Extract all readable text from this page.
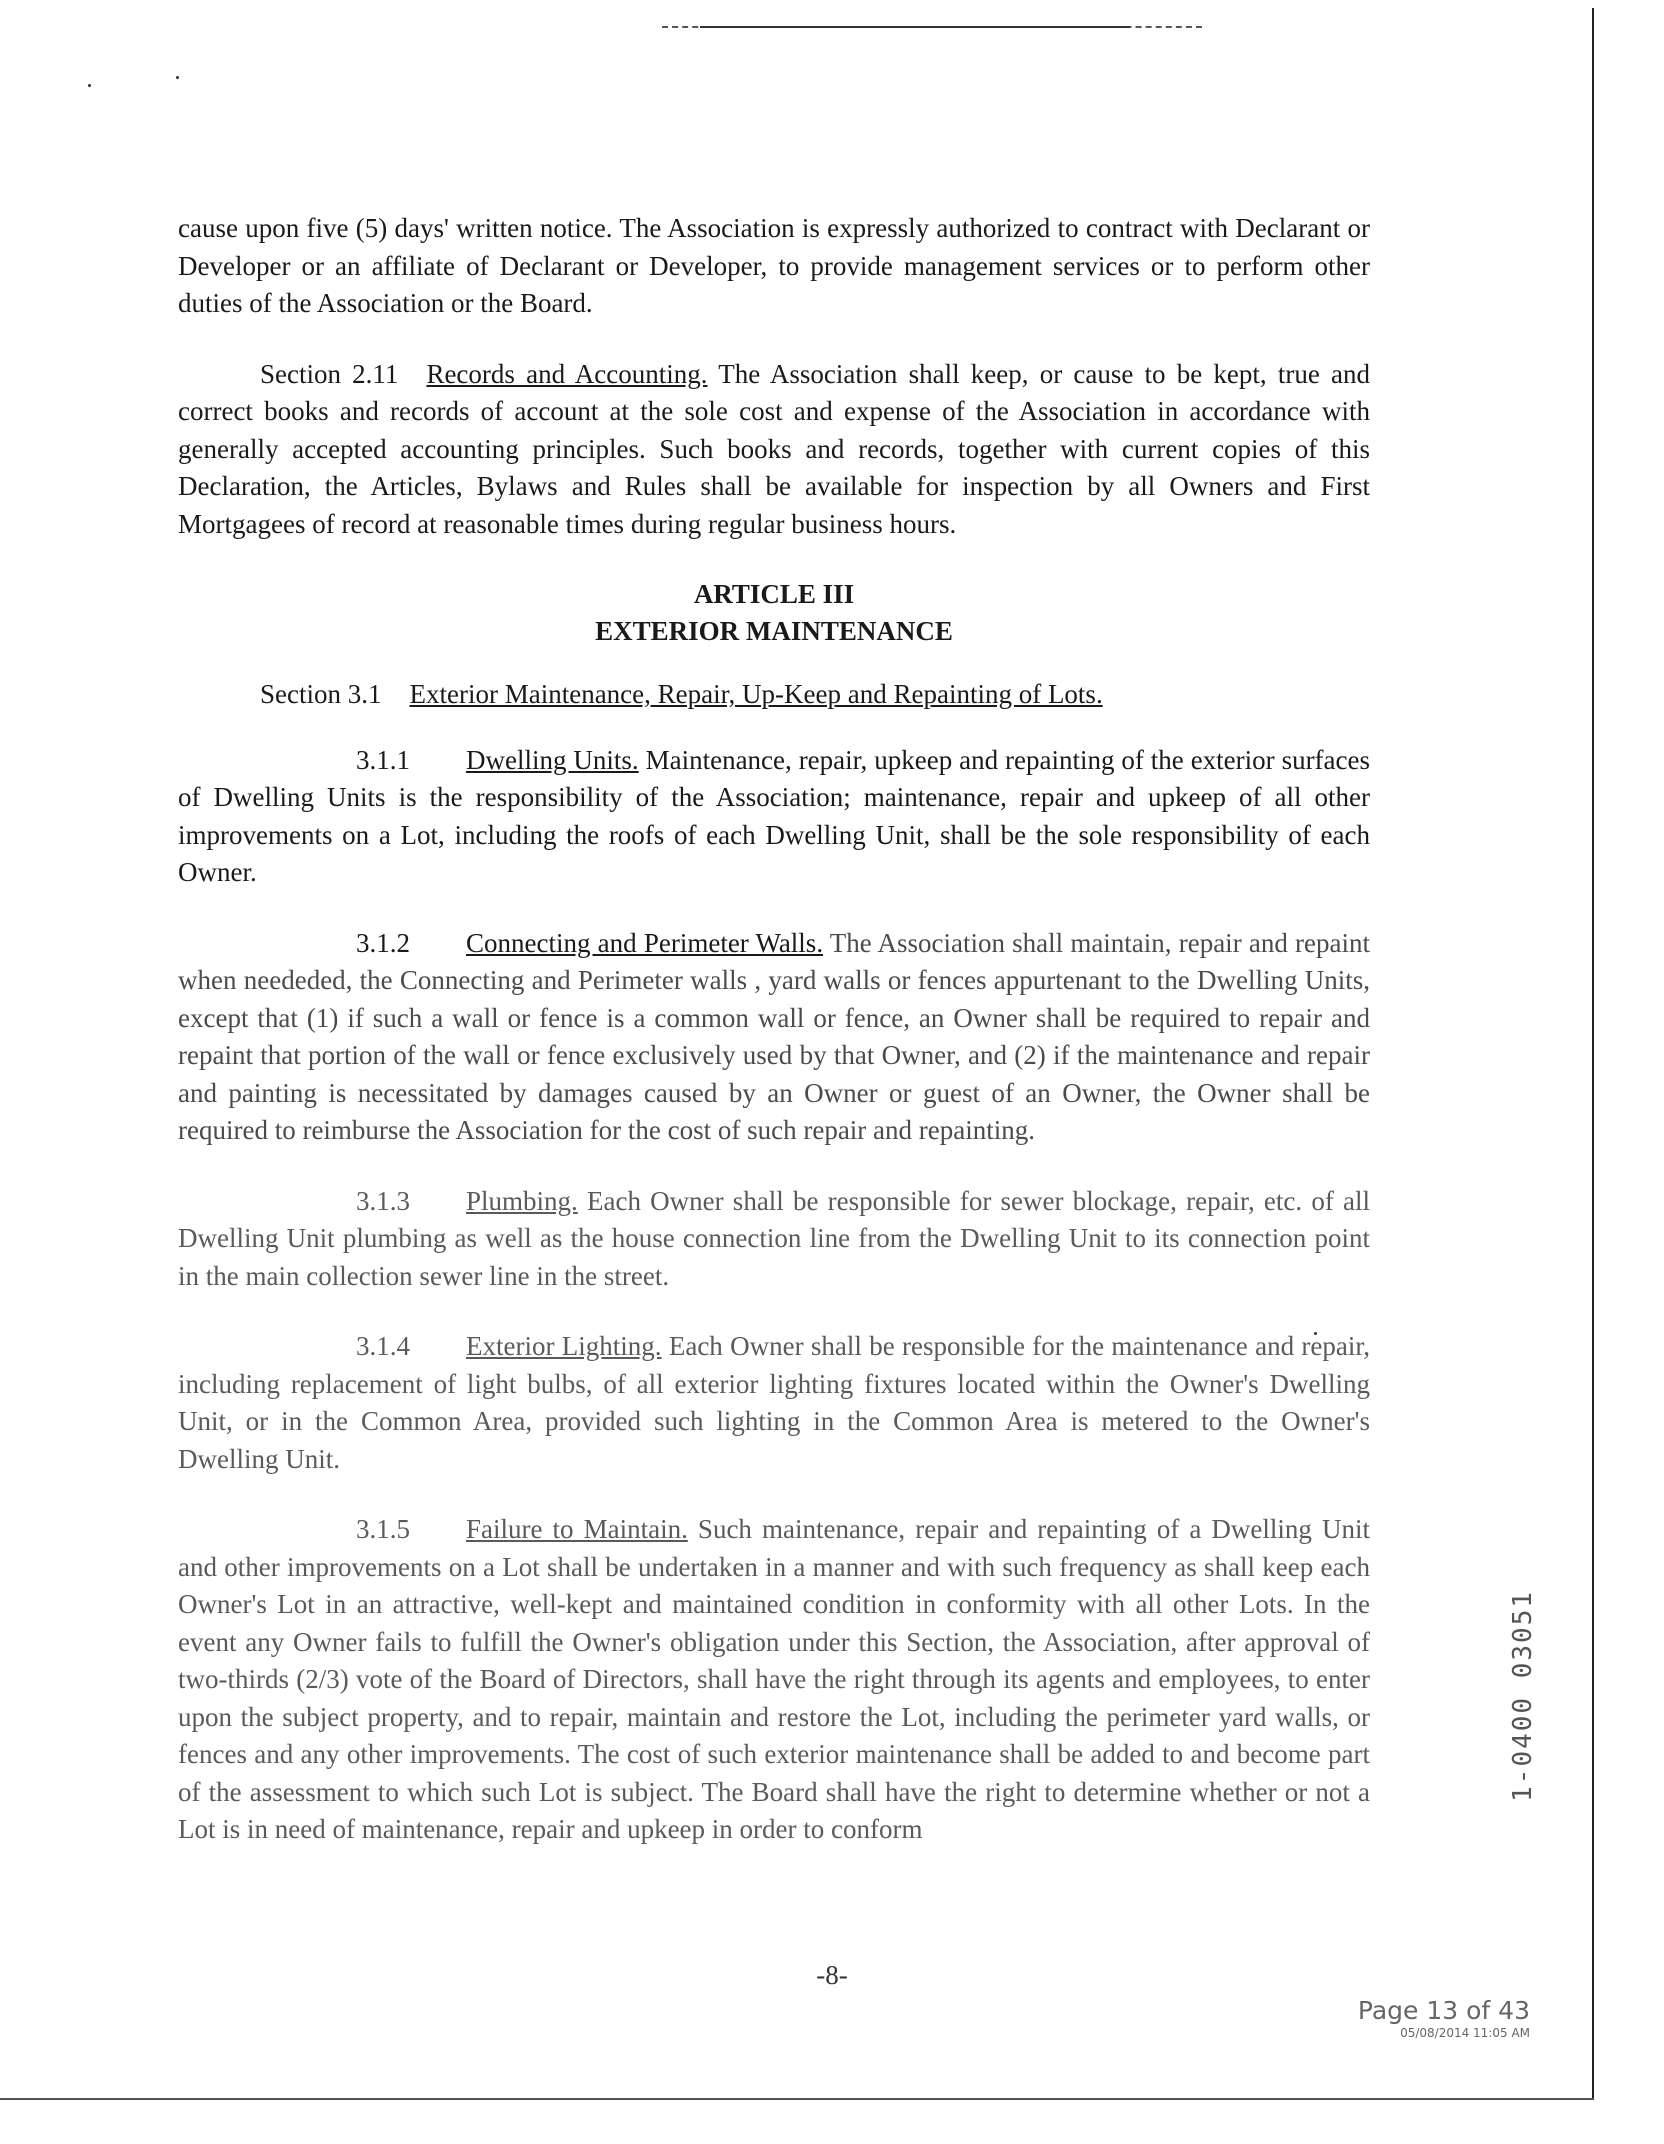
cause upon five (5) days' written notice. The Association is expressly authorized to contract with Declarant or Developer or an affiliate of Declarant or Developer, to provide management services or to perform other duties of the Association or the Board.

Section 2.11 Records and Accounting. The Association shall keep, or cause to be kept, true and correct books and records of account at the sole cost and expense of the Association in accordance with generally accepted accounting principles. Such books and records, together with current copies of this Declaration, the Articles, Bylaws and Rules shall be available for inspection by all Owners and First Mortgagees of record at reasonable times during regular business hours.

ARTICLE III
EXTERIOR MAINTENANCE

Section 3.1 Exterior Maintenance, Repair, Up-Keep and Repainting of Lots.

3.1.1 Dwelling Units. Maintenance, repair, upkeep and repainting of the exterior surfaces of Dwelling Units is the responsibility of the Association; maintenance, repair and upkeep of all other improvements on a Lot, including the roofs of each Dwelling Unit, shall be the sole responsibility of each Owner.

3.1.2 Connecting and Perimeter Walls. The Association shall maintain, repair and repaint when neededed, the Connecting and Perimeter walls , yard walls or fences appurtenant to the Dwelling Units, except that (1) if such a wall or fence is a common wall or fence, an Owner shall be required to repair and repaint that portion of the wall or fence exclusively used by that Owner, and (2) if the maintenance and repair and painting is necessitated by damages caused by an Owner or guest of an Owner, the Owner shall be required to reimburse the Association for the cost of such repair and repainting.

3.1.3 Plumbing. Each Owner shall be responsible for sewer blockage, repair, etc. of all Dwelling Unit plumbing as well as the house connection line from the Dwelling Unit to its connection point in the main collection sewer line in the street.

3.1.4 Exterior Lighting. Each Owner shall be responsible for the maintenance and repair, including replacement of light bulbs, of all exterior lighting fixtures located within the Owner's Dwelling Unit, or in the Common Area, provided such lighting in the Common Area is metered to the Owner's Dwelling Unit.

3.1.5 Failure to Maintain. Such maintenance, repair and repainting of a Dwelling Unit and other improvements on a Lot shall be undertaken in a manner and with such frequency as shall keep each Owner's Lot in an attractive, well-kept and maintained condition in conformity with all other Lots. In the event any Owner fails to fulfill the Owner's obligation under this Section, the Association, after approval of two-thirds (2/3) vote of the Board of Directors, shall have the right through its agents and employees, to enter upon the subject property, and to repair, maintain and restore the Lot, including the perimeter yard walls, or fences and any other improvements. The cost of such exterior maintenance shall be added to and become part of the assessment to which such Lot is subject. The Board shall have the right to determine whether or not a Lot is in need of maintenance, repair and upkeep in order to conform

-8-
1-0400 03051
Page 13 of 43
05/08/2014 11:05 AM
